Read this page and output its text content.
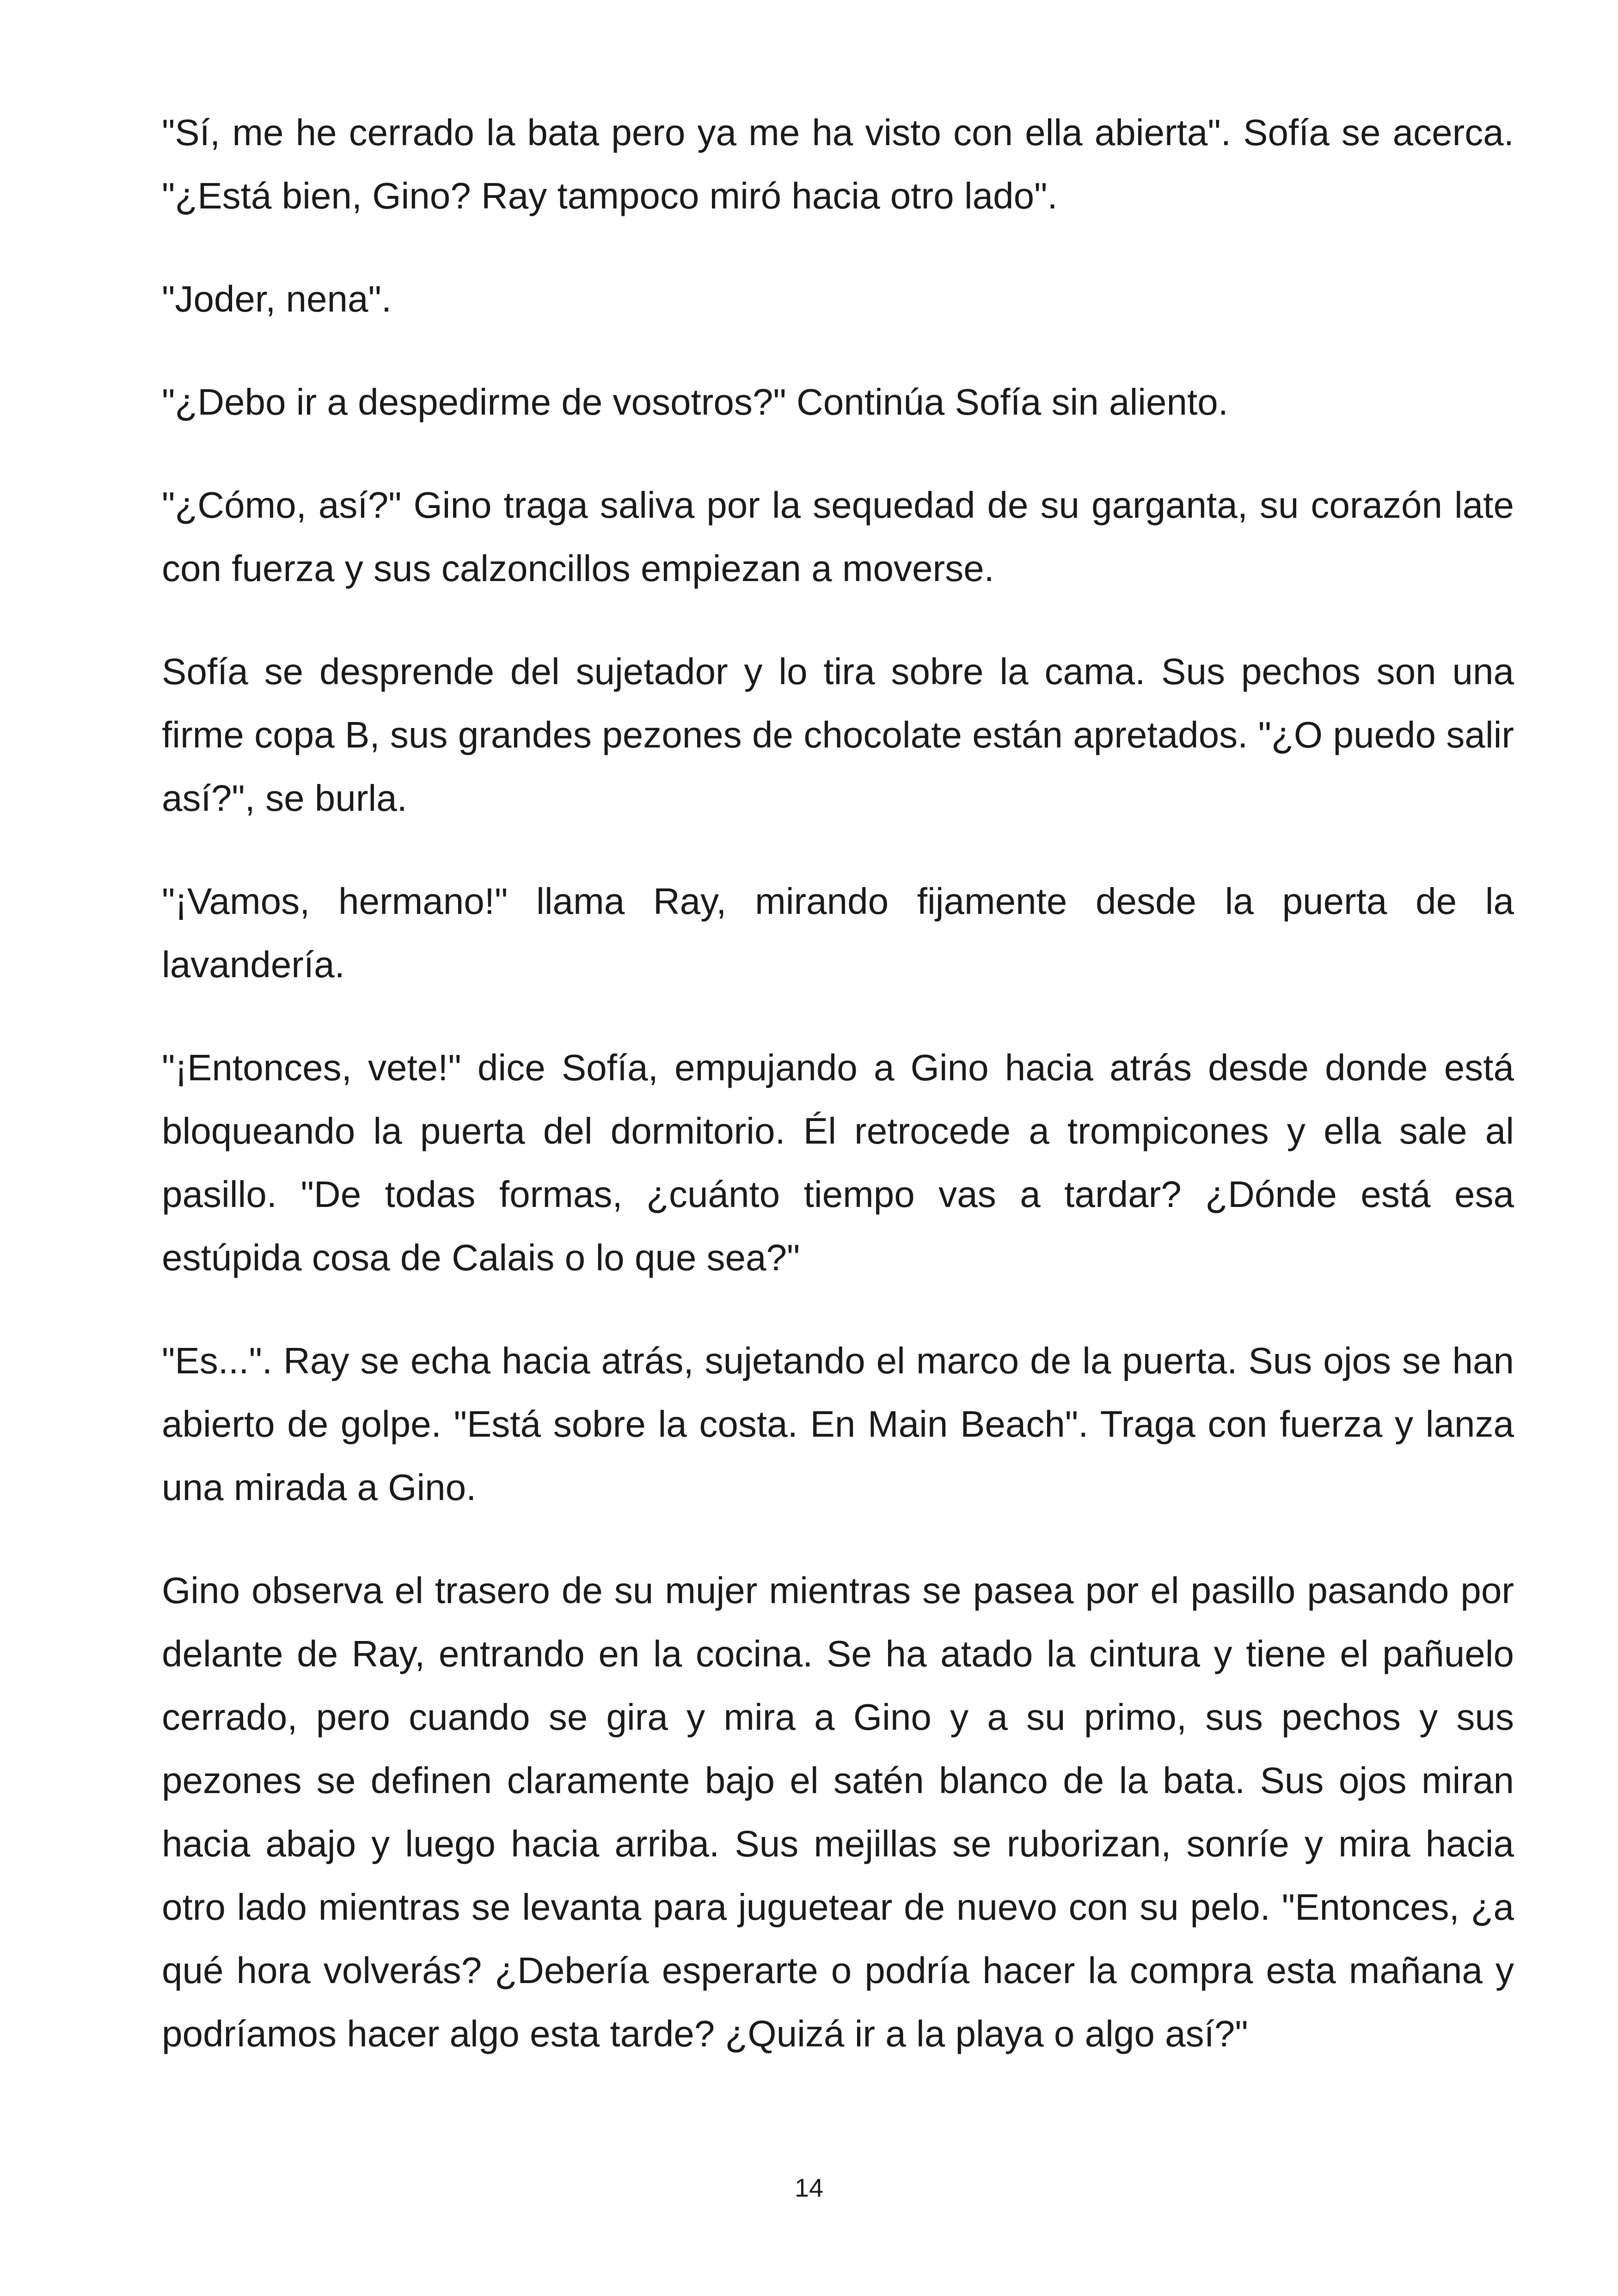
"Sí, me he cerrado la bata pero ya me ha visto con ella abierta". Sofía se acerca. "¿Está bien, Gino? Ray tampoco miró hacia otro lado".

"Joder, nena".

"¿Debo ir a despedirme de vosotros?" Continúa Sofía sin aliento.

"¿Cómo, así?" Gino traga saliva por la sequedad de su garganta, su corazón late con fuerza y sus calzoncillos empiezan a moverse.

Sofía se desprende del sujetador y lo tira sobre la cama. Sus pechos son una firme copa B, sus grandes pezones de chocolate están apretados. "¿O puedo salir así?", se burla.

"¡Vamos, hermano!" llama Ray, mirando fijamente desde la puerta de la lavandería.

"¡Entonces, vete!" dice Sofía, empujando a Gino hacia atrás desde donde está bloqueando la puerta del dormitorio. Él retrocede a trompicones y ella sale al pasillo. "De todas formas, ¿cuánto tiempo vas a tardar? ¿Dónde está esa estúpida cosa de Calais o lo que sea?"

"Es...". Ray se echa hacia atrás, sujetando el marco de la puerta. Sus ojos se han abierto de golpe. "Está sobre la costa. En Main Beach". Traga con fuerza y lanza una mirada a Gino.

Gino observa el trasero de su mujer mientras se pasea por el pasillo pasando por delante de Ray, entrando en la cocina. Se ha atado la cintura y tiene el pañuelo cerrado, pero cuando se gira y mira a Gino y a su primo, sus pechos y sus pezones se definen claramente bajo el satén blanco de la bata. Sus ojos miran hacia abajo y luego hacia arriba. Sus mejillas se ruborizan, sonríe y mira hacia otro lado mientras se levanta para juguetear de nuevo con su pelo. "Entonces, ¿a qué hora volverás? ¿Debería esperarte o podría hacer la compra esta mañana y podríamos hacer algo esta tarde? ¿Quizá ir a la playa o algo así?"

14
